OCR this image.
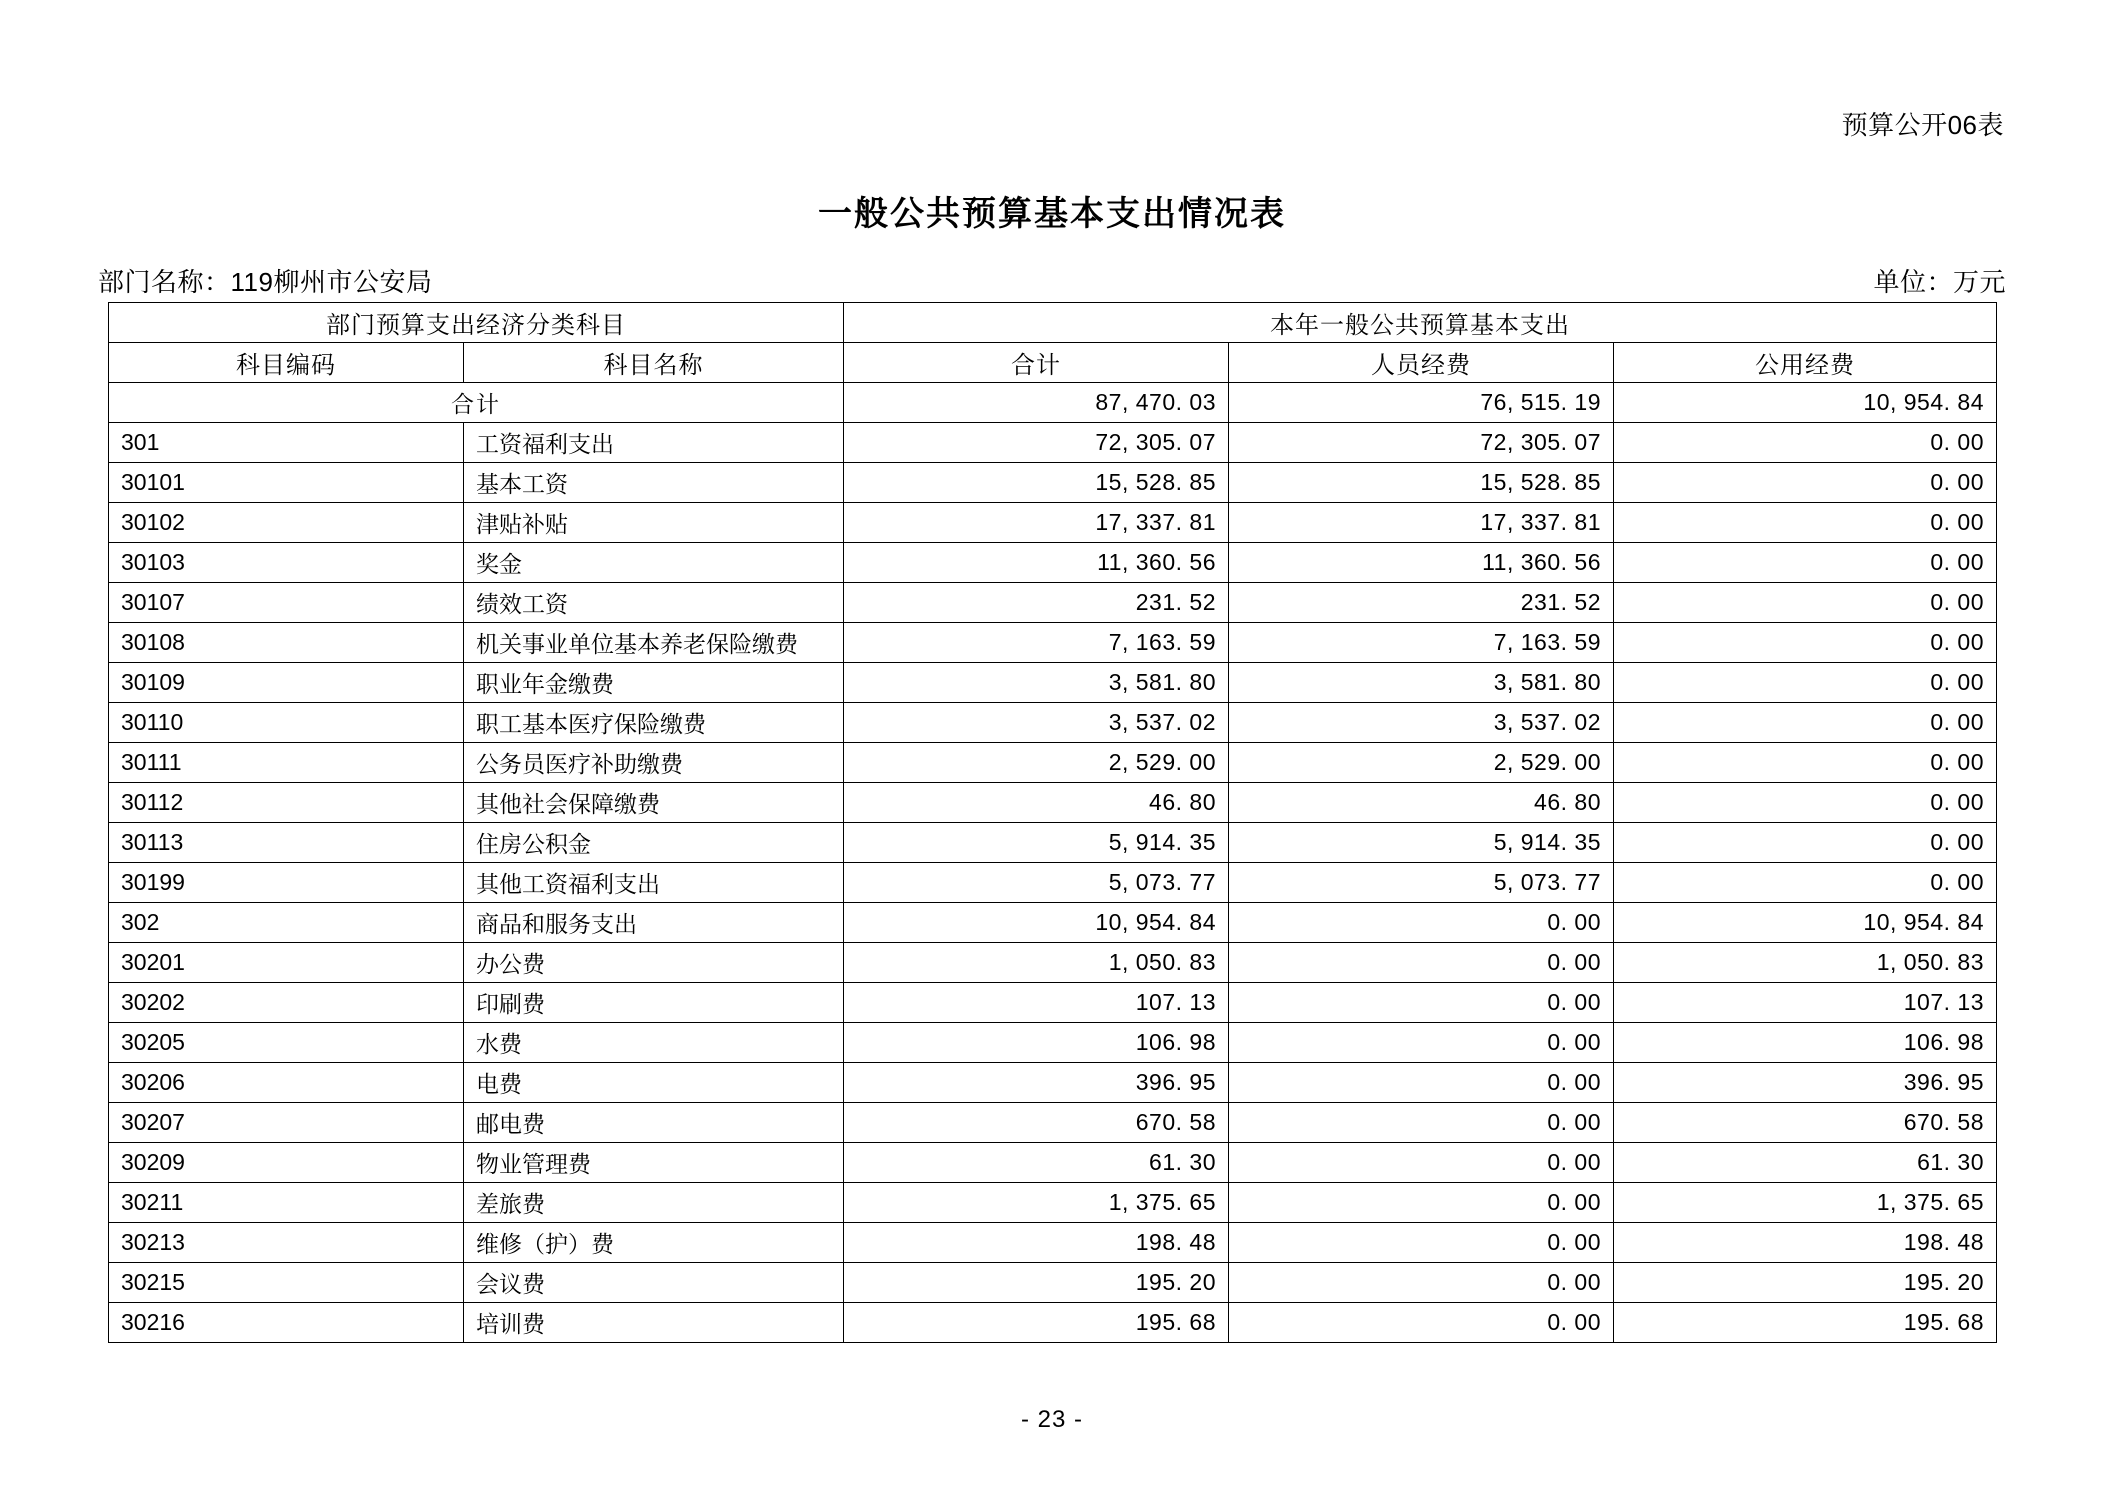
预算公开06表
一般公共预算基本支出情况表
部门名称：119柳州市公安局	单位：万元
部门预算支出经济分类科目		本年一般公共预算基本支出		
科目编码	科目名称	合计	人员经费	公用经费
合计		87, 470. 03	76, 515. 19	10, 954. 84
301	工资福利支出	72, 305. 07	72, 305. 07	0. 00
30101	基本工资	15, 528. 85	15, 528. 85	0. 00
30102	津贴补贴	17, 337. 81	17, 337. 81	0. 00
30103	奖金	11, 360. 56	11, 360. 56	0. 00
30107	绩效工资	231. 52	231. 52	0. 00
30108	机关事业单位基本养老保险缴费	7, 163. 59	7, 163. 59	0. 00
30109	职业年金缴费	3, 581. 80	3, 581. 80	0. 00
30110	职工基本医疗保险缴费	3, 537. 02	3, 537. 02	0. 00
30111	公务员医疗补助缴费	2, 529. 00	2, 529. 00	0. 00
30112	其他社会保障缴费	46. 80	46. 80	0. 00
30113	住房公积金	5, 914. 35	5, 914. 35	0. 00
30199	其他工资福利支出	5, 073. 77	5, 073. 77	0. 00
302	商品和服务支出	10, 954. 84	0. 00	10, 954. 84
30201	办公费	1, 050. 83	0. 00	1, 050. 83
30202	印刷费	107. 13	0. 00	107. 13
30205	水费	106. 98	0. 00	106. 98
30206	电费	396. 95	0. 00	396. 95
30207	邮电费	670. 58	0. 00	670. 58
30209	物业管理费	61. 30	0. 00	61. 30
30211	差旅费	1, 375. 65	0. 00	1, 375. 65
30213	维修（护）费	198. 48	0. 00	198. 48
30215	会议费	195. 20	0. 00	195. 20
30216	培训费	195. 68	0. 00	195. 68
- 23 -
